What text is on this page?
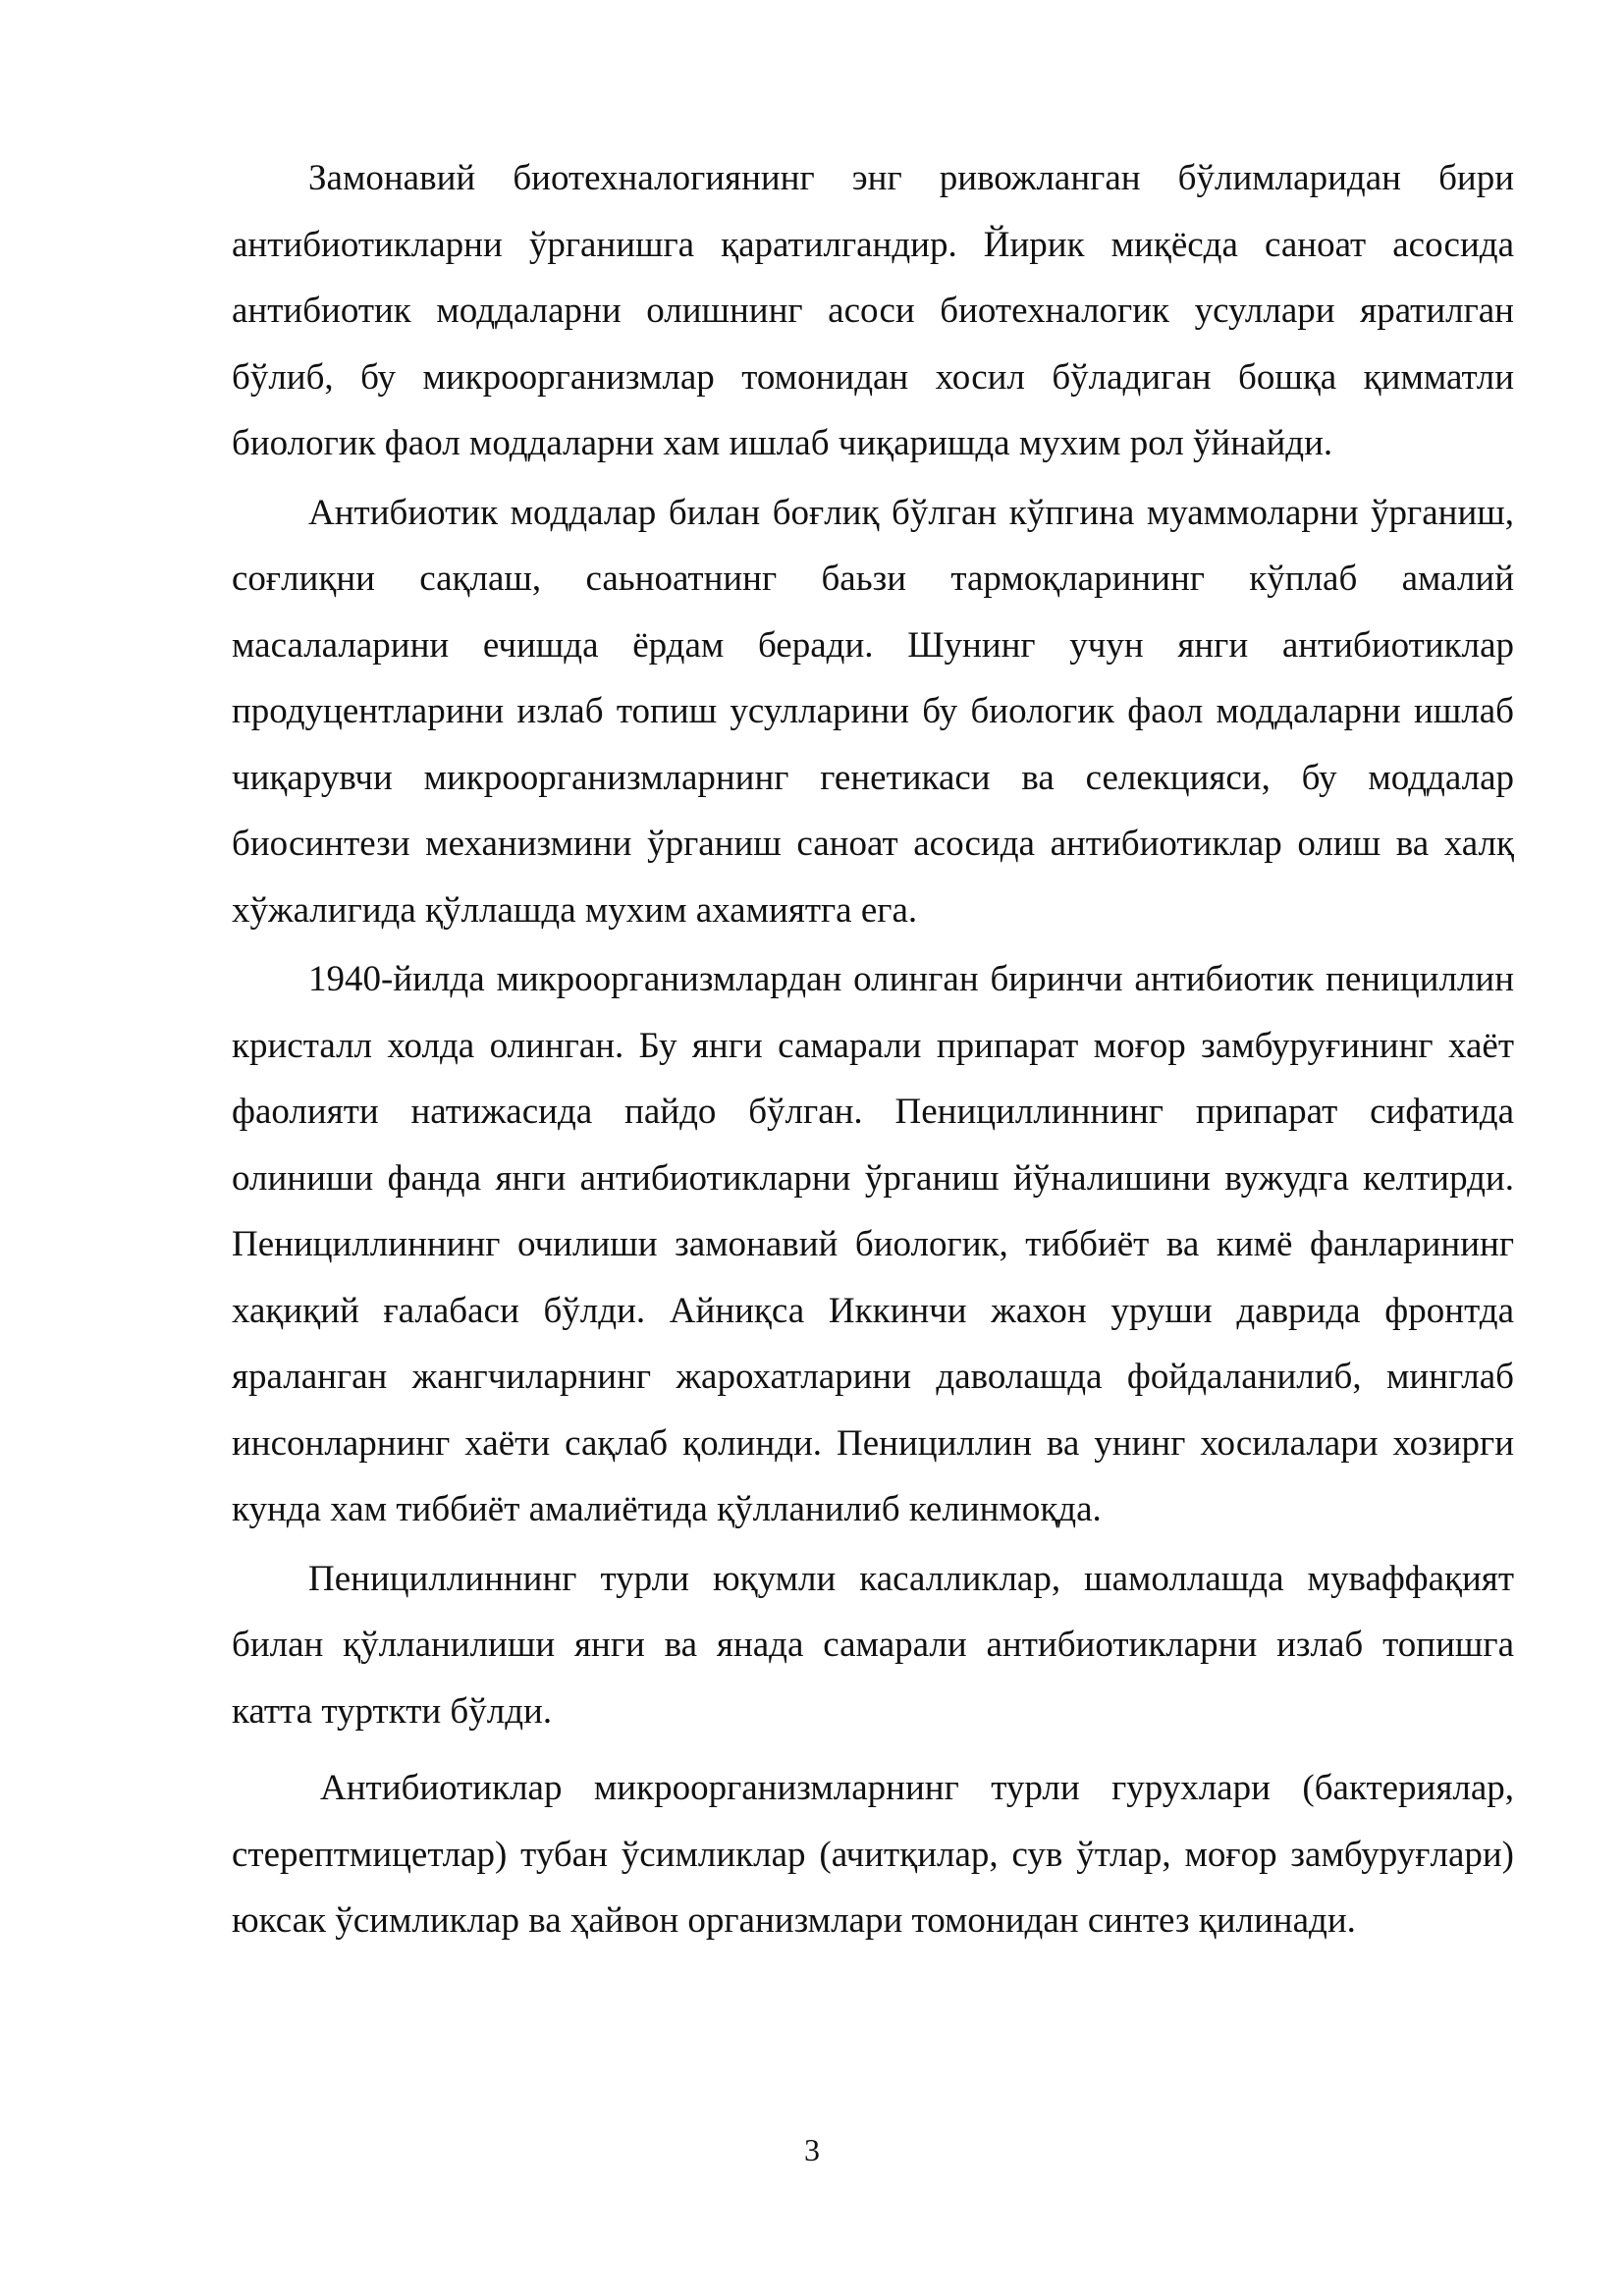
Замонавий биотехналогиянинг энг ривожланган бўлимларидан бири антибиотикларни ўрганишга қаратилгандир. Йирик миқёсда саноат асосида антибиотик моддаларни олишнинг асоси биотехналогик усуллари яратилган бўлиб, бу микроорганизмлар томонидан хосил бўладиган бошқа қимматли биологик фаол моддаларни хам ишлаб чиқаришда мухим рол ўйнайди.

Антибиотик моддалар билан боғлиқ бўлган кўпгина муаммоларни ўрганиш, соғлиқни сақлаш, саьноатнинг баьзи тармоқларининг кўплаб амалий масалаларини ечишда ёрдам беради. Шунинг учун янги антибиотиклар продуцентларини излаб топиш усулларини бу биологик фаол моддаларни ишлаб чиқарувчи микроорганизмларнинг генетикаси ва селекцияси, бу моддалар биосинтези механизмини ўрганиш саноат асосида антибиотиклар олиш ва халқ хўжалигида қўллашда мухим ахамиятга ега.

1940-йилда микроорганизмлардан олинган биринчи антибиотик пенициллин кристалл холда олинган. Бу янги самарали припарат моғор замбуруғининг хаёт фаолияти натижасида пайдо бўлган. Пенициллиннинг припарат сифатида олиниши фанда янги антибиотикларни ўрганиш йўналишини вужудга келтирди. Пенициллиннинг очилиши замонавий биологик, тиббиёт ва кимё фанларининг хақиқий ғалабаси бўлди. Айниқса Иккинчи жахон уруши даврида фронтда яраланган жангчиларнинг жарохатларини даволашда фойдаланилиб, минглаб инсонларнинг хаёти сақлаб қолинди. Пенициллин ва унинг хосилалари хозирги кунда хам тиббиёт амалиётида қўлланилиб келинмоқда.

Пенициллиннинг турли юқумли касалликлар, шамоллашда муваффақият билан қўлланилиши янги ва янада самарали антибиотикларни излаб топишга катта турткти бўлди.

Антибиотиклар микроорганизмларнинг турли гурухлари (бактериялар, стерептмицетлар) тубан ўсимликлар (ачитқилар, сув ўтлар, моғор замбуруғлари) юксак ўсимликлар ва ҳайвон организмлари томонидан синтез қилинади.

3
